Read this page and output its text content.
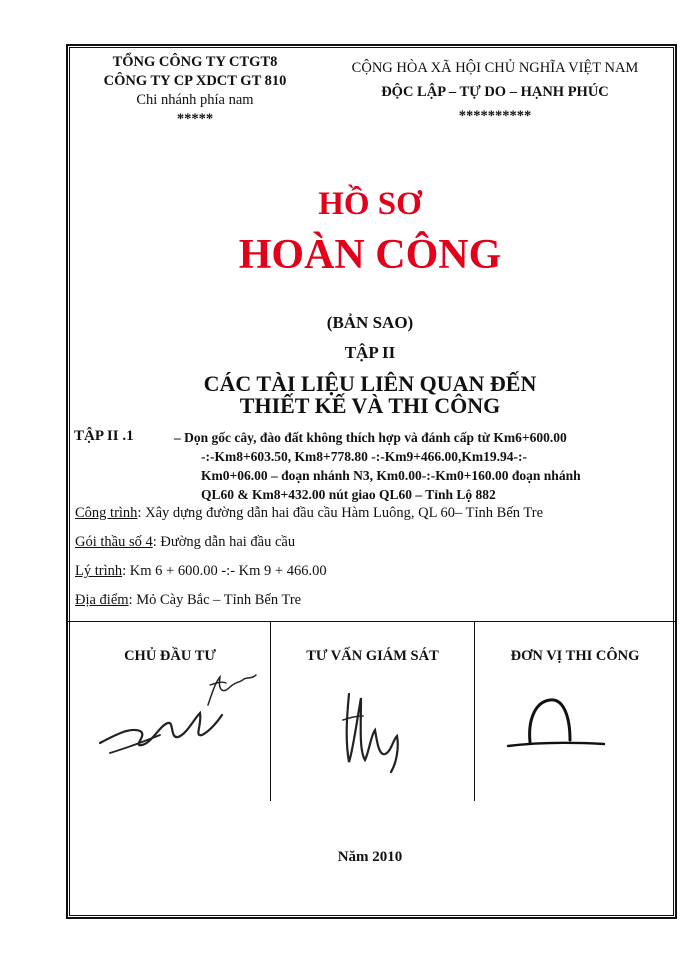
TỔNG CÔNG TY CTGT8
CÔNG TY CP XDCT GT 810
Chi nhánh phía nam
*****
CỘNG HÒA XÃ HỘI CHỦ NGHĨA VIỆT NAM
ĐỘC LẬP – TỰ DO – HẠNH PHÚC
**********
HỒ SƠ
HOÀN CÔNG
(BẢN SAO)
TẬP II
CÁC TÀI LIỆU LIÊN QUAN ĐẾN
THIẾT KẾ VÀ THI CÔNG
TẬP II .1	– Dọn gốc cây, đào đất không thích hợp và đánh cấp từ Km6+600.00
-:-Km8+603.50, Km8+778.80 -:-Km9+466.00,Km19.94-:-
Km0+06.00 – đoạn nhánh N3, Km0.00-:-Km0+160.00 đoạn nhánh
QL60 & Km8+432.00 nút giao QL60 – Tỉnh Lộ 882
Công trình: Xây dựng đường dẫn hai đầu cầu Hàm Luông, QL 60– Tỉnh Bến Tre
Gói thầu số 4: Đường dẫn hai đầu cầu
Lý trình: Km 6 + 600.00 -:- Km 9 + 466.00
Địa điểm: Mỏ Cày Bắc – Tỉnh Bến Tre
CHỦ ĐẦU TƯ	TƯ VẤN GIÁM SÁT	ĐƠN VỊ THI CÔNG
Năm 2010
